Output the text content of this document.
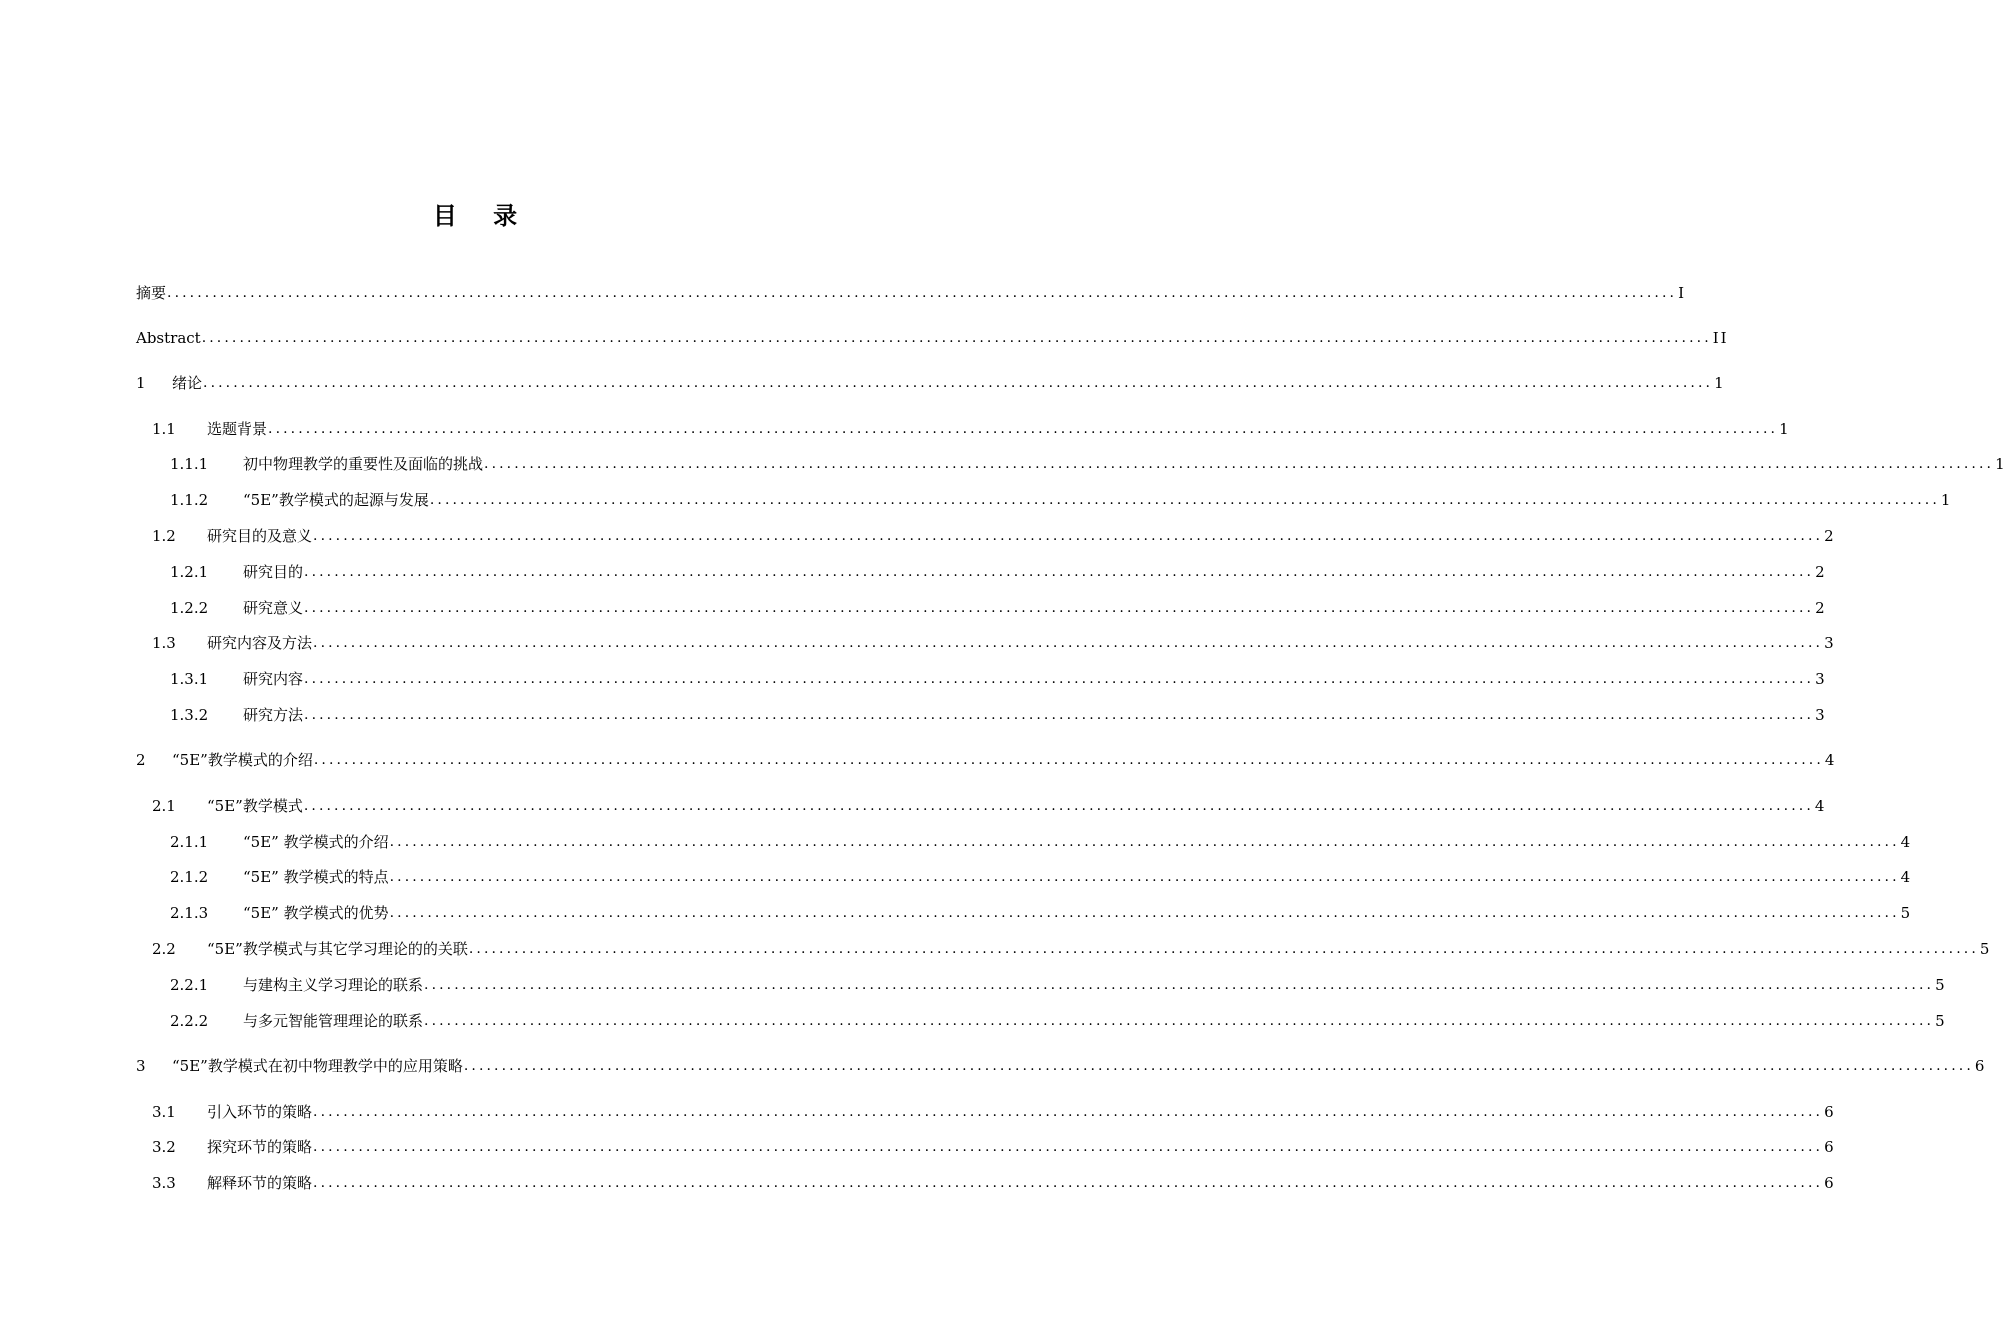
目 录
摘要 ........................................................................................................................................................................................................ I
Abstract ........................................................................................................................................................................................................ II
1	绪论 ........................................................................................................................................................................................................ 1
1.1	选题背景 ........................................................................................................................................................................................................ 1
1.1.1	初中物理教学的重要性及面临的挑战 ........................................................................................................................................................................................................ 1
1.1.2	“5E”教学模式的起源与发展 ........................................................................................................................................................................................................ 1
1.2	研究目的及意义 ........................................................................................................................................................................................................ 2
1.2.1	研究目的 ........................................................................................................................................................................................................ 2
1.2.2	研究意义 ........................................................................................................................................................................................................ 2
1.3	研究内容及方法 ........................................................................................................................................................................................................ 3
1.3.1	研究内容 ........................................................................................................................................................................................................ 3
1.3.2	研究方法 ........................................................................................................................................................................................................ 3
2	“5E”教学模式的介绍 ........................................................................................................................................................................................................ 4
2.1	“5E”教学模式 ........................................................................................................................................................................................................ 4
2.1.1	“5E” 教学模式的介绍 ........................................................................................................................................................................................................ 4
2.1.2	“5E” 教学模式的特点 ........................................................................................................................................................................................................ 4
2.1.3	“5E” 教学模式的优势 ........................................................................................................................................................................................................ 5
2.2	“5E”教学模式与其它学习理论的的关联 ........................................................................................................................................................................................................ 5
2.2.1	与建构主义学习理论的联系 ........................................................................................................................................................................................................ 5
2.2.2	与多元智能管理理论的联系 ........................................................................................................................................................................................................ 5
3	“5E”教学模式在初中物理教学中的应用策略 ........................................................................................................................................................................................................ 6
3.1	引入环节的策略 ........................................................................................................................................................................................................ 6
3.2	探究环节的策略 ........................................................................................................................................................................................................ 6
3.3	解释环节的策略 ........................................................................................................................................................................................................ 6
